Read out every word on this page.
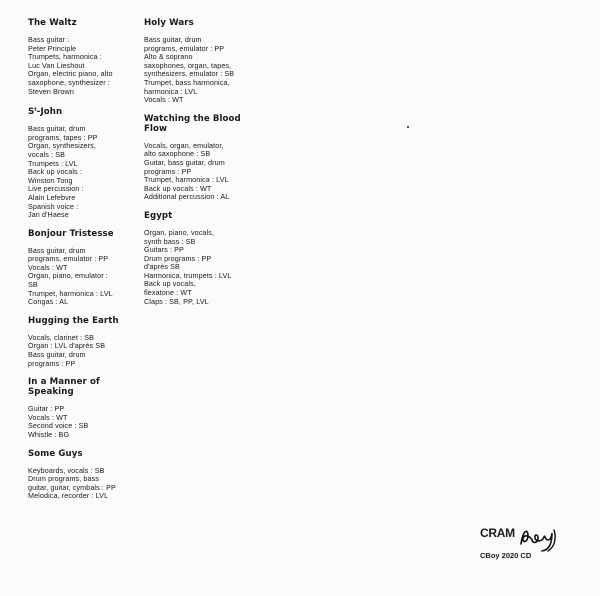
The Waltz
Bass guitar :
Peter Principle
Trumpets, harmonica :
Luc Van Lieshout
Organ, electric piano, alto
saxophone, synthesizer :
Steven Brown
$S^t$-John
Bass guitar, drum
programs, tapes : PP
Organ, synthesizers,
vocals : SB
Trumpets : LVL
Back up vocals :
Winston Tong
Live percussion :
Alain Lefebvre
Spanish voice :
Jan d'Haese
Bonjour Tristesse
Bass guitar, drum
programs, emulator : PP
Vocals : WT
Organ, piano, emulator :
SB
Trumpet, harmonica : LVL
Congas : AL
Hugging the Earth
Vocals, clarinet : SB
Organ : LVL d'après SB
Bass guitar, drum
programs : PP
In a Manner of Speaking
Guitar : PP
Vocals : WT
Second voice : SB
Whistle : BG
Some Guys
Keyboards, vocals : SB
Drum programs, bass
guitar, guitar, cymbals : PP
Melodica, recorder : LVL
Holy Wars
Bass guitar, drum
programs, emulator : PP
Alto & soprano
saxophones, organ, tapes,
synthesizers, emulator : SB
Trumpet, bass harmonica,
harmonica : LVL
Vocals : WT
Watching the Blood Flow
Vocals, organ, emulator,
alto saxophone : SB
Guitar, bass guitar, drum
programs : PP
Trumpet, harmonica : LVL
Back up vocals : WT
Additional percussion : AL
Egypt
Organ, piano, vocals,
synth bass : SB
Guitars : PP
Drum programs : PP
d'après SB
Harmonica, trumpets : LVL
Back up vocals,
flexatone : WT
Claps : SB, PP, LVL
CRAM
CBoy 2020 CD
